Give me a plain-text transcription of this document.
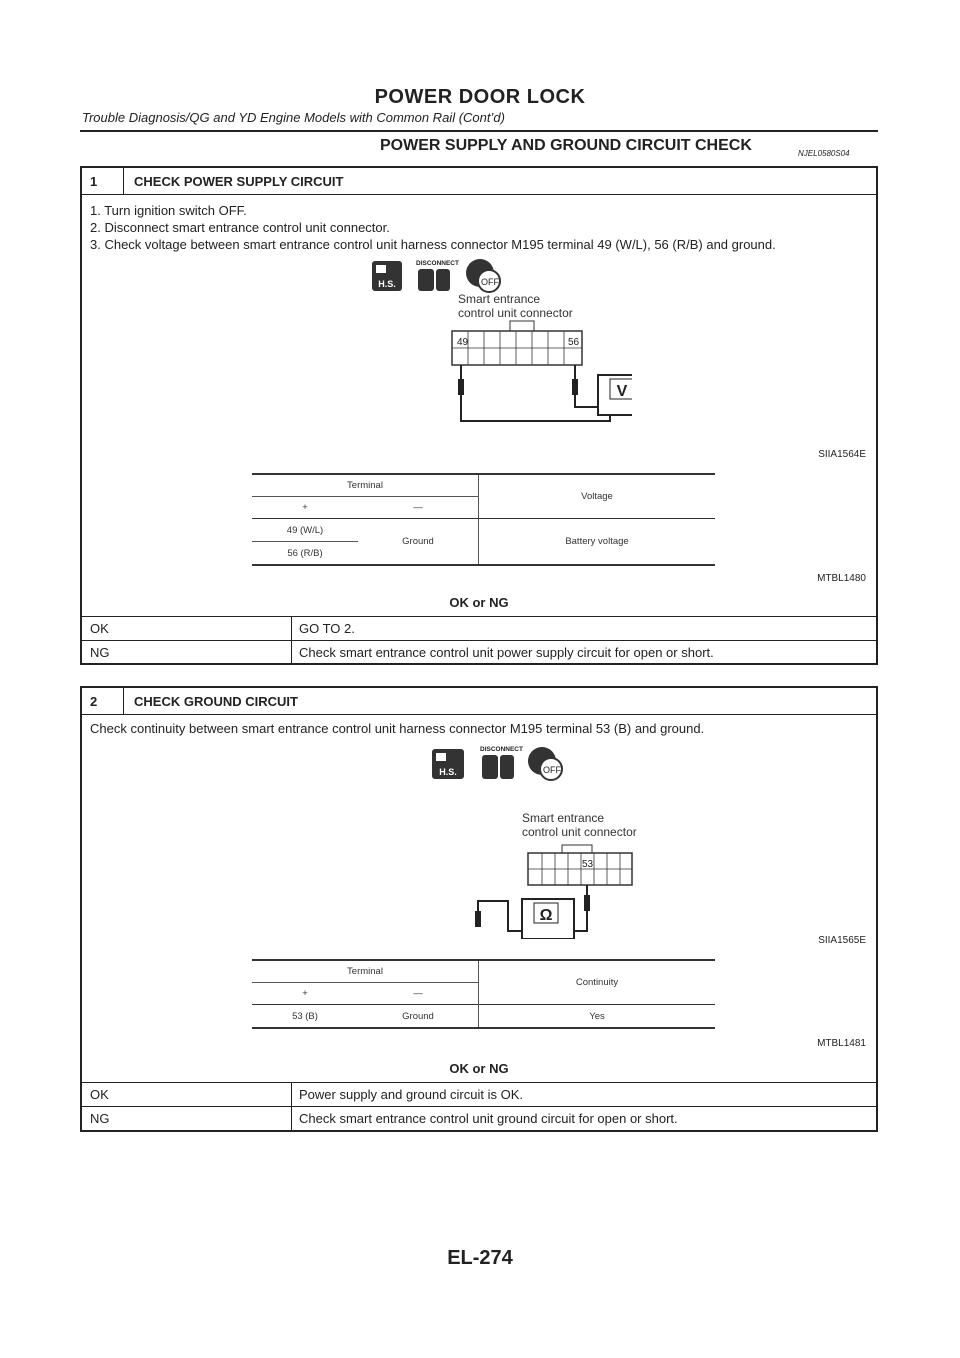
POWER DOOR LOCK
Trouble Diagnosis/QG and YD Engine Models with Common Rail (Cont’d)
POWER SUPPLY AND GROUND CIRCUIT CHECK	NJEL0580S04
1	CHECK POWER SUPPLY CIRCUIT
1. Turn ignition switch OFF.
2. Disconnect smart entrance control unit connector.
3. Check voltage between smart entrance control unit harness connector M195 terminal 49 (W/L), 56 (R/B) and ground.
H.S.
DISCONNECT
OFF
Smart entrance
control unit connector
49	56
V
SIIA1564E
Terminal		Voltage
+	—	
49 (W/L)	Ground	Battery voltage
56 (R/B)		
MTBL1480
OK or NG
OK	GO TO 2.
NG	Check smart entrance control unit power supply circuit for open or short.
2	CHECK GROUND CIRCUIT
Check continuity between smart entrance control unit harness connector M195 terminal 53 (B) and ground.
H.S.
DISCONNECT
OFF
Smart entrance
control unit connector
53
Ω
SIIA1565E
Terminal		Continuity
+	—	
53 (B)	Ground	Yes
MTBL1481
OK or NG
OK	Power supply and ground circuit is OK.
NG	Check smart entrance control unit ground circuit for open or short.
EL-274
